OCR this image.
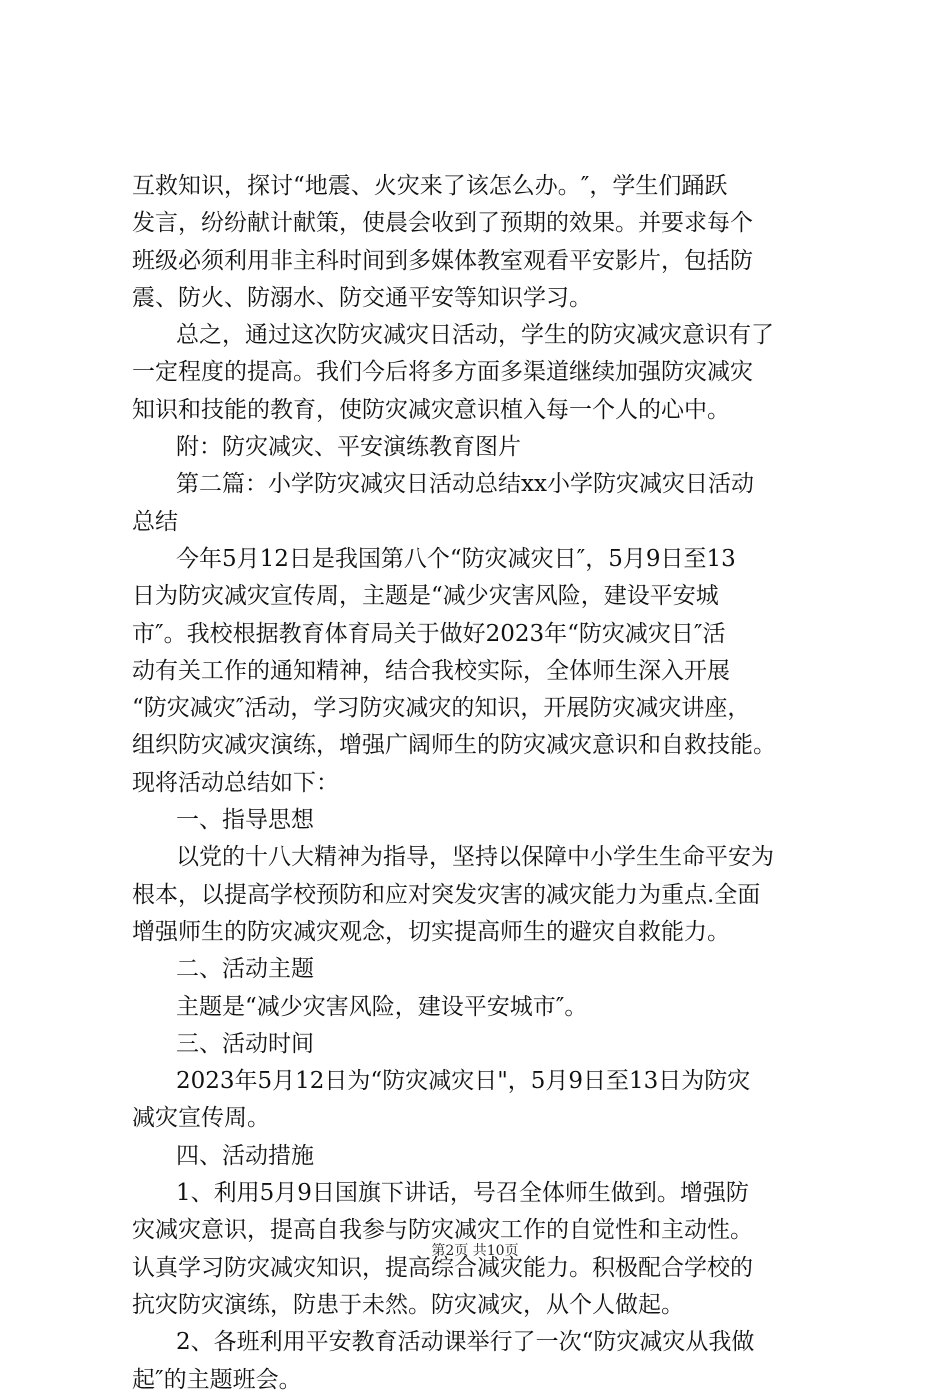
互救知识，探讨“地震、火灾来了该怎么办。″，学生们踊跃
发言，纷纷献计献策，使晨会收到了预期的效果。并要求每个
班级必须利用非主科时间到多媒体教室观看平安影片，包括防
震、防火、防溺水、防交通平安等知识学习。
总之，通过这次防灾减灾日活动，学生的防灾减灾意识有了
一定程度的提高。我们今后将多方面多渠道继续加强防灾减灾
知识和技能的教育，使防灾减灾意识植入每一个人的心中。
附：防灾减灾、平安演练教育图片
第二篇：小学防灾减灾日活动总结xx小学防灾减灾日活动
总结
今年5月12日是我国第八个“防灾减灾日″，5月9日至13
日为防灾减灾宣传周，主题是“减少灾害风险，建设平安城
市″。我校根据教育体育局关于做好2023年“防灾减灾日″活
动有关工作的通知精神，结合我校实际，全体师生深入开展
“防灾减灾″活动，学习防灾减灾的知识，开展防灾减灾讲座，
组织防灾减灾演练，增强广阔师生的防灾减灾意识和自救技能。
现将活动总结如下：
一、指导思想
以党的十八大精神为指导，坚持以保障中小学生生命平安为
根本，以提高学校预防和应对突发灾害的减灾能力为重点.全面
增强师生的防灾减灾观念，切实提高师生的避灾自救能力。
二、活动主题
主题是“减少灾害风险，建设平安城市″。
三、活动时间
2023年5月12日为“防灾减灾日"，5月9日至13日为防灾
减灾宣传周。
四、活动措施
1、利用5月9日国旗下讲话，号召全体师生做到。增强防
灾减灾意识，提高自我参与防灾减灾工作的自觉性和主动性。
认真学习防灾减灾知识，提高综合减灾能力。积极配合学校的
抗灾防灾演练，防患于未然。防灾减灾，从个人做起。
2、各班利用平安教育活动课举行了一次“防灾减灾从我做
起″的主题班会。
第2页 共10页
